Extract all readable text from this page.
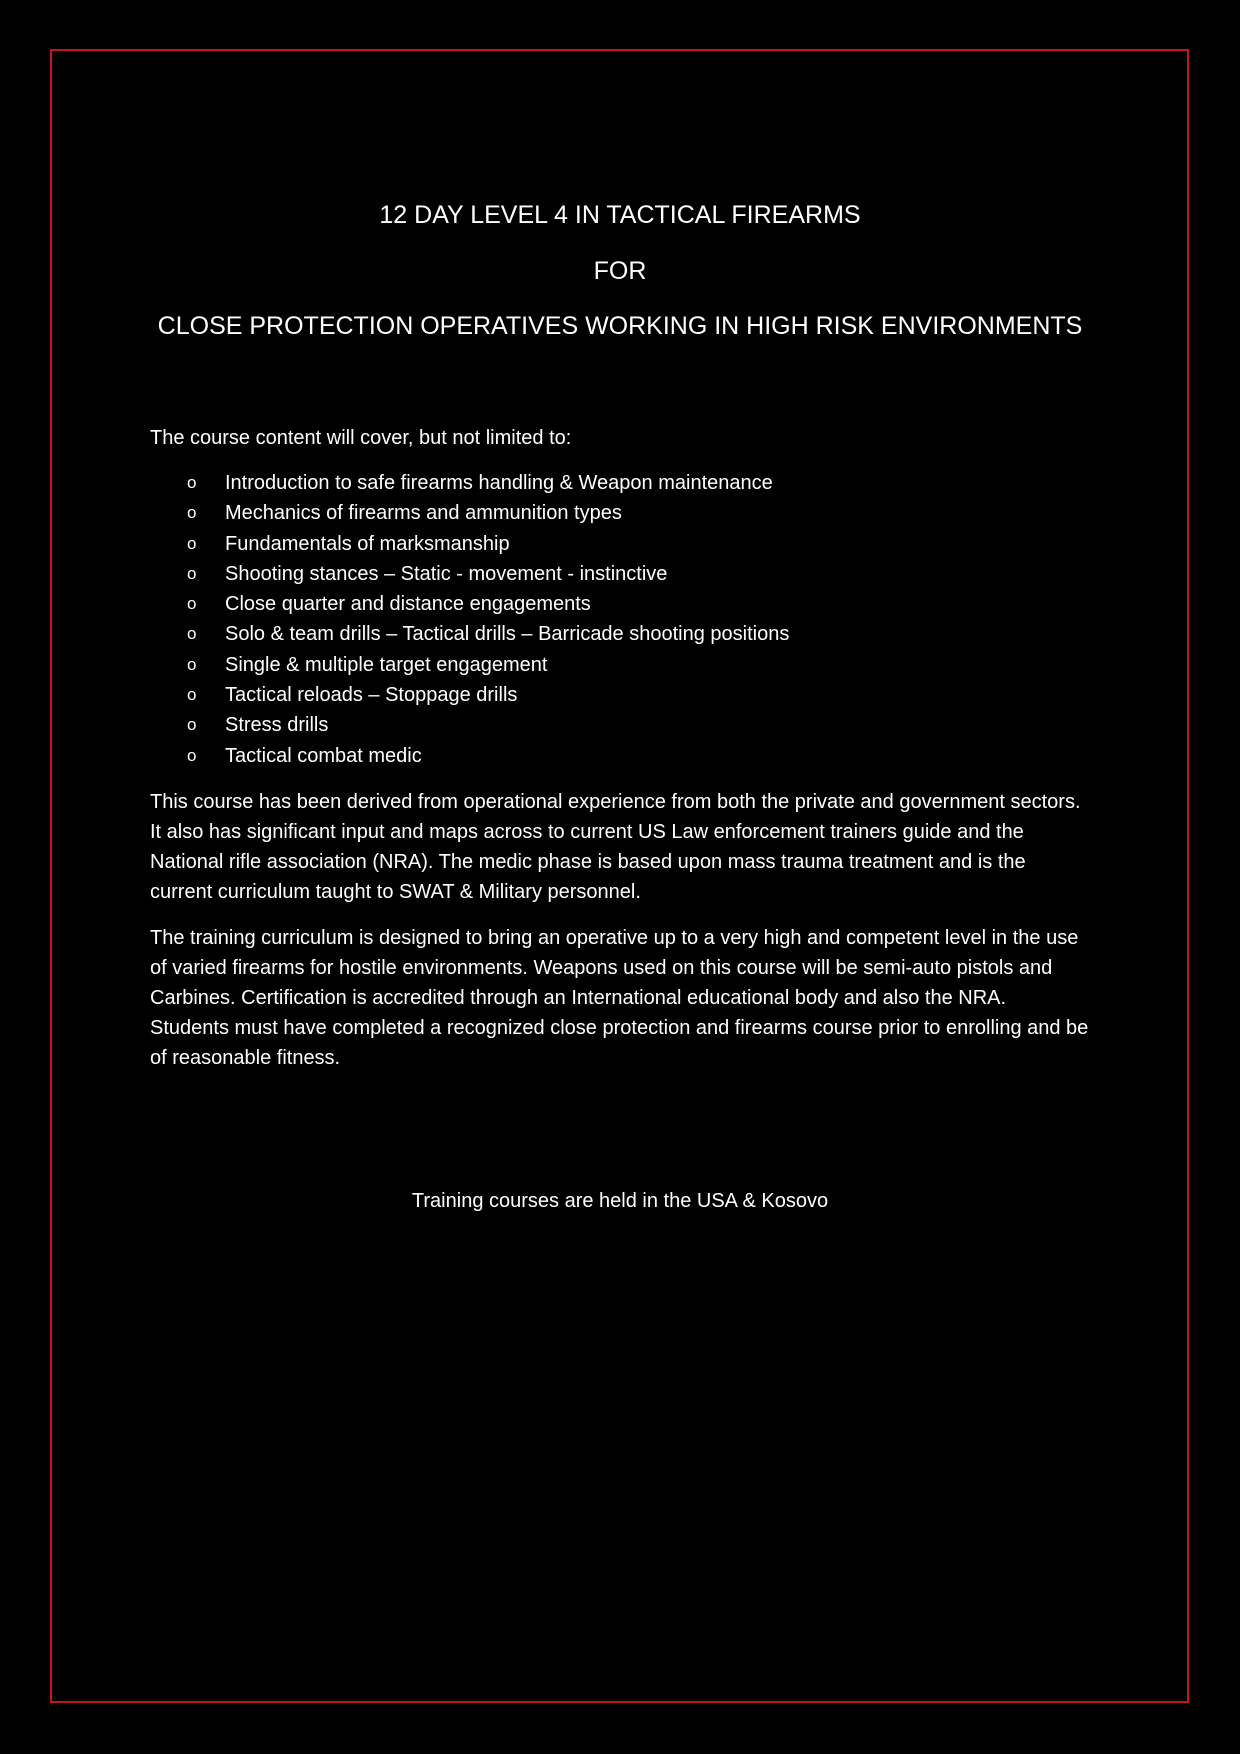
12 DAY LEVEL 4 IN TACTICAL FIREARMS
FOR
CLOSE PROTECTION OPERATIVES WORKING IN HIGH RISK ENVIRONMENTS
The course content will cover, but not limited to:
o Introduction to safe firearms handling & Weapon maintenance
o Mechanics of firearms and ammunition types
o Fundamentals of marksmanship
o Shooting stances – Static - movement - instinctive
o Close quarter and distance engagements
o Solo & team drills – Tactical drills – Barricade shooting positions
o Single & multiple target engagement
o Tactical reloads – Stoppage drills
o Stress drills
o Tactical combat medic

This course has been derived from operational experience from both the private and government sectors. It also has significant input and maps across to current US Law enforcement trainers guide and the National rifle association (NRA). The medic phase is based upon mass trauma treatment and is the current curriculum taught to SWAT & Military personnel.

The training curriculum is designed to bring an operative up to a very high and competent level in the use of varied firearms for hostile environments. Weapons used on this course will be semi-auto pistols and Carbines. Certification is accredited through an International educational body and also the NRA. Students must have completed a recognized close protection and firearms course prior to enrolling and be of reasonable fitness.

Training courses are held in the USA & Kosovo
